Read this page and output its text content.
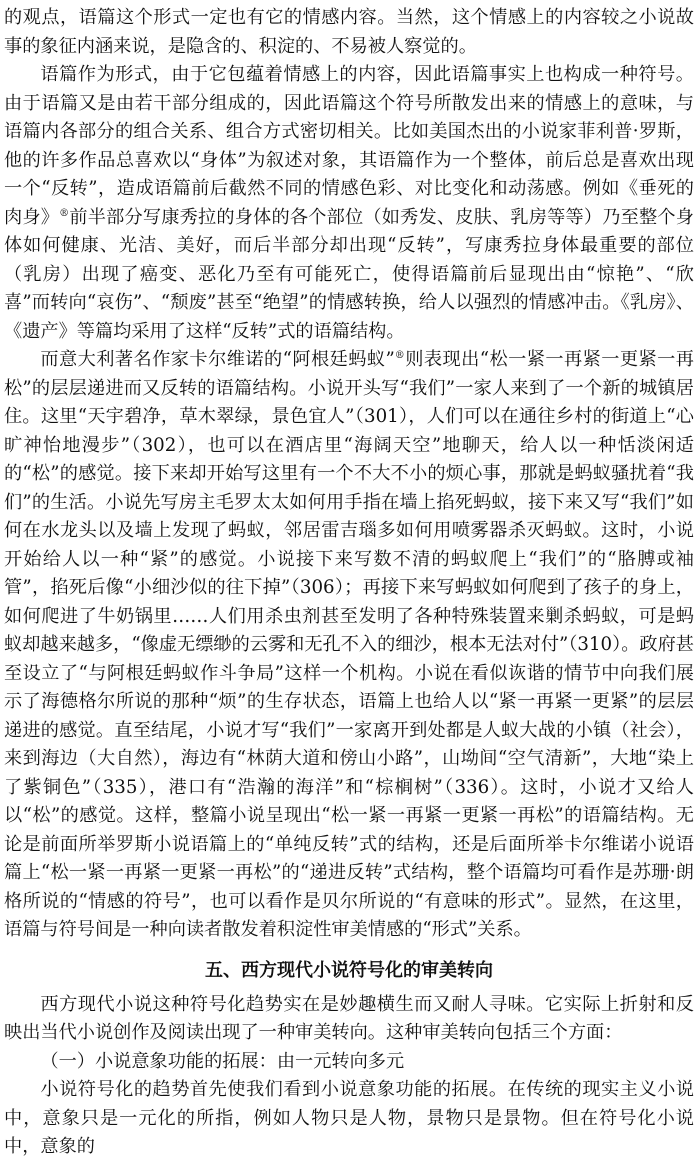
的观点，语篇这个形式一定也有它的情感内容。当然，这个情感上的内容较之小说故事的象征内涵来说，是隐含的、积淀的、不易被人察觉的。

语篇作为形式，由于它包蕴着情感上的内容，因此语篇事实上也构成一种符号。由于语篇又是由若干部分组成的，因此语篇这个符号所散发出来的情感上的意味，与语篇内各部分的组合关系、组合方式密切相关。比如美国杰出的小说家菲利普·罗斯，他的许多作品总喜欢以“身体”为叙述对象，其语篇作为一个整体，前后总是喜欢出现一个“反转”，造成语篇前后截然不同的情感色彩、对比变化和动荡感。例如《垂死的肉身》®前半部分写康秀拉的身体的各个部位（如秀发、皮肤、乳房等等）乃至整个身体如何健康、光洁、美好，而后半部分却出现“反转”，写康秀拉身体最重要的部位（乳房）出现了癌变、恶化乃至有可能死亡，使得语篇前后显现出由“惊艳”、“欣喜”而转向“哀伤”、“颓废”甚至“绝望”的情感转换，给人以强烈的情感冲击。《乳房》、《遗产》等篇均采用了这样“反转”式的语篇结构。

而意大利著名作家卡尔维诺的“阿根廷蚂蚁”®则表现出“松一紧一再紧一更紧一再松”的层层递进而又反转的语篇结构。小说开头写“我们”一家人来到了一个新的城镇居住。这里“天宇碧净，草木翠绿，景色宜人”（301），人们可以在通往乡村的街道上“心旷神怡地漫步”（302），也可以在酒店里“海阔天空”地聊天，给人以一种恬淡闲适的“松”的感觉。接下来却开始写这里有一个不大不小的烦心事，那就是蚂蚁骚扰着“我们”的生活。小说先写房主毛罗太太如何用手指在墙上掐死蚂蚁，接下来又写“我们”如何在水龙头以及墙上发现了蚂蚁，邻居雷吉瑙多如何用喷雾器杀灭蚂蚁。这时，小说开始给人以一种“紧”的感觉。小说接下来写数不清的蚂蚁爬上“我们”的“胳膊或袖管”，掐死后像“小细沙似的往下掉”（306）；再接下来写蚂蚁如何爬到了孩子的身上，如何爬进了牛奶锅里……人们用杀虫剂甚至发明了各种特殊装置来剿杀蚂蚁，可是蚂蚁却越来越多，“像虚无缥缈的云雾和无孔不入的细沙，根本无法对付”（310）。政府甚至设立了“与阿根廷蚂蚁作斗争局”这样一个机构。小说在看似诙谐的情节中向我们展示了海德格尔所说的那种“烦”的生存状态，语篇上也给人以“紧一再紧一更紧”的层层递进的感觉。直至结尾，小说才写“我们”一家离开到处都是人蚁大战的小镇（社会），来到海边（大自然），海边有“林荫大道和傍山小路”，山坳间“空气清新”，大地“染上了紫铜色”（335），港口有“浩瀚的海洋”和“棕榈树”（336）。这时，小说才又给人以“松”的感觉。这样，整篇小说呈现出“松一紧一再紧一更紧一再松”的语篇结构。无论是前面所举罗斯小说语篇上的“单纯反转”式的结构，还是后面所举卡尔维诺小说语篇上“松一紧一再紧一更紧一再松”的“递进反转”式结构，整个语篇均可看作是苏珊·朗格所说的“情感的符号”，也可以看作是贝尔所说的“有意味的形式”。显然，在这里，语篇与符号间是一种向读者散发着积淀性审美情感的“形式”关系。

五、西方现代小说符号化的审美转向

西方现代小说这种符号化趋势实在是妙趣横生而又耐人寻味。它实际上折射和反映出当代小说创作及阅读出现了一种审美转向。这种审美转向包括三个方面：

（一）小说意象功能的拓展：由一元转向多元

小说符号化的趋势首先使我们看到小说意象功能的拓展。在传统的现实主义小说中，意象只是一元化的所指，例如人物只是人物，景物只是景物。但在符号化小说中，意象的
